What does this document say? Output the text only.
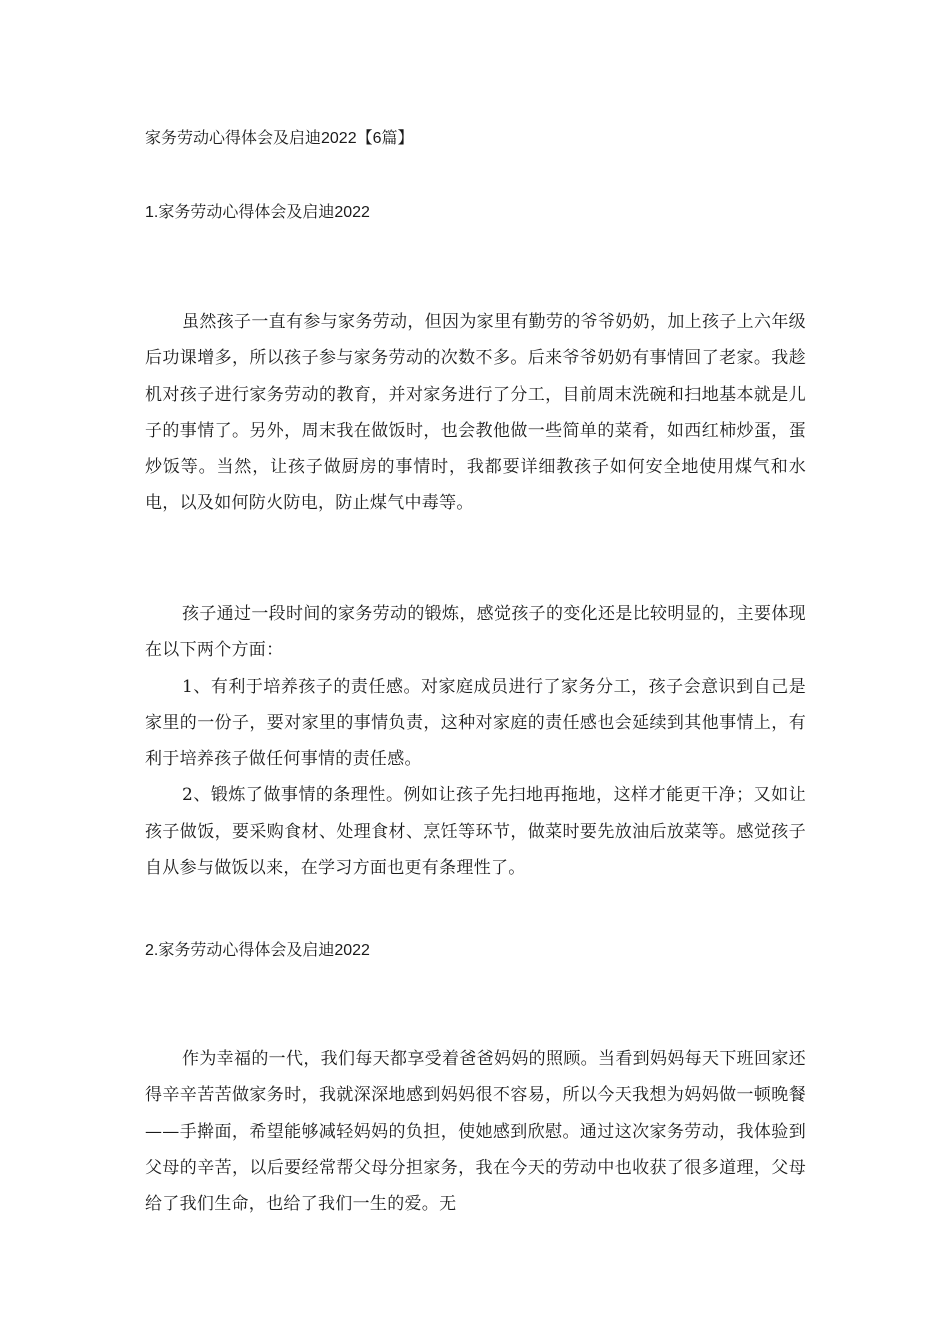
家务劳动心得体会及启迪2022【6篇】
1.家务劳动心得体会及启迪2022

虽然孩子一直有参与家务劳动，但因为家里有勤劳的爷爷奶奶，加上孩子上六年级后功课增多，所以孩子参与家务劳动的次数不多。后来爷爷奶奶有事情回了老家。我趁机对孩子进行家务劳动的教育，并对家务进行了分工，目前周末洗碗和扫地基本就是儿子的事情了。另外，周末我在做饭时，也会教他做一些简单的菜肴，如西红柿炒蛋，蛋炒饭等。当然，让孩子做厨房的事情时，我都要详细教孩子如何安全地使用煤气和水电，以及如何防火防电，防止煤气中毒等。

孩子通过一段时间的家务劳动的锻炼，感觉孩子的变化还是比较明显的，主要体现在以下两个方面：

1、有利于培养孩子的责任感。对家庭成员进行了家务分工，孩子会意识到自己是家里的一份子，要对家里的事情负责，这种对家庭的责任感也会延续到其他事情上，有利于培养孩子做任何事情的责任感。

2、锻炼了做事情的条理性。例如让孩子先扫地再拖地，这样才能更干净；又如让孩子做饭，要采购食材、处理食材、烹饪等环节，做菜时要先放油后放菜等。感觉孩子自从参与做饭以来，在学习方面也更有条理性了。

2.家务劳动心得体会及启迪2022

作为幸福的一代，我们每天都享受着爸爸妈妈的照顾。当看到妈妈每天下班回家还得辛辛苦苦做家务时，我就深深地感到妈妈很不容易，所以今天我想为妈妈做一顿晚餐——手擀面，希望能够减轻妈妈的负担，使她感到欣慰。通过这次家务劳动，我体验到父母的辛苦，以后要经常帮父母分担家务，我在今天的劳动中也收获了很多道理，父母给了我们生命，也给了我们一生的爱。无
